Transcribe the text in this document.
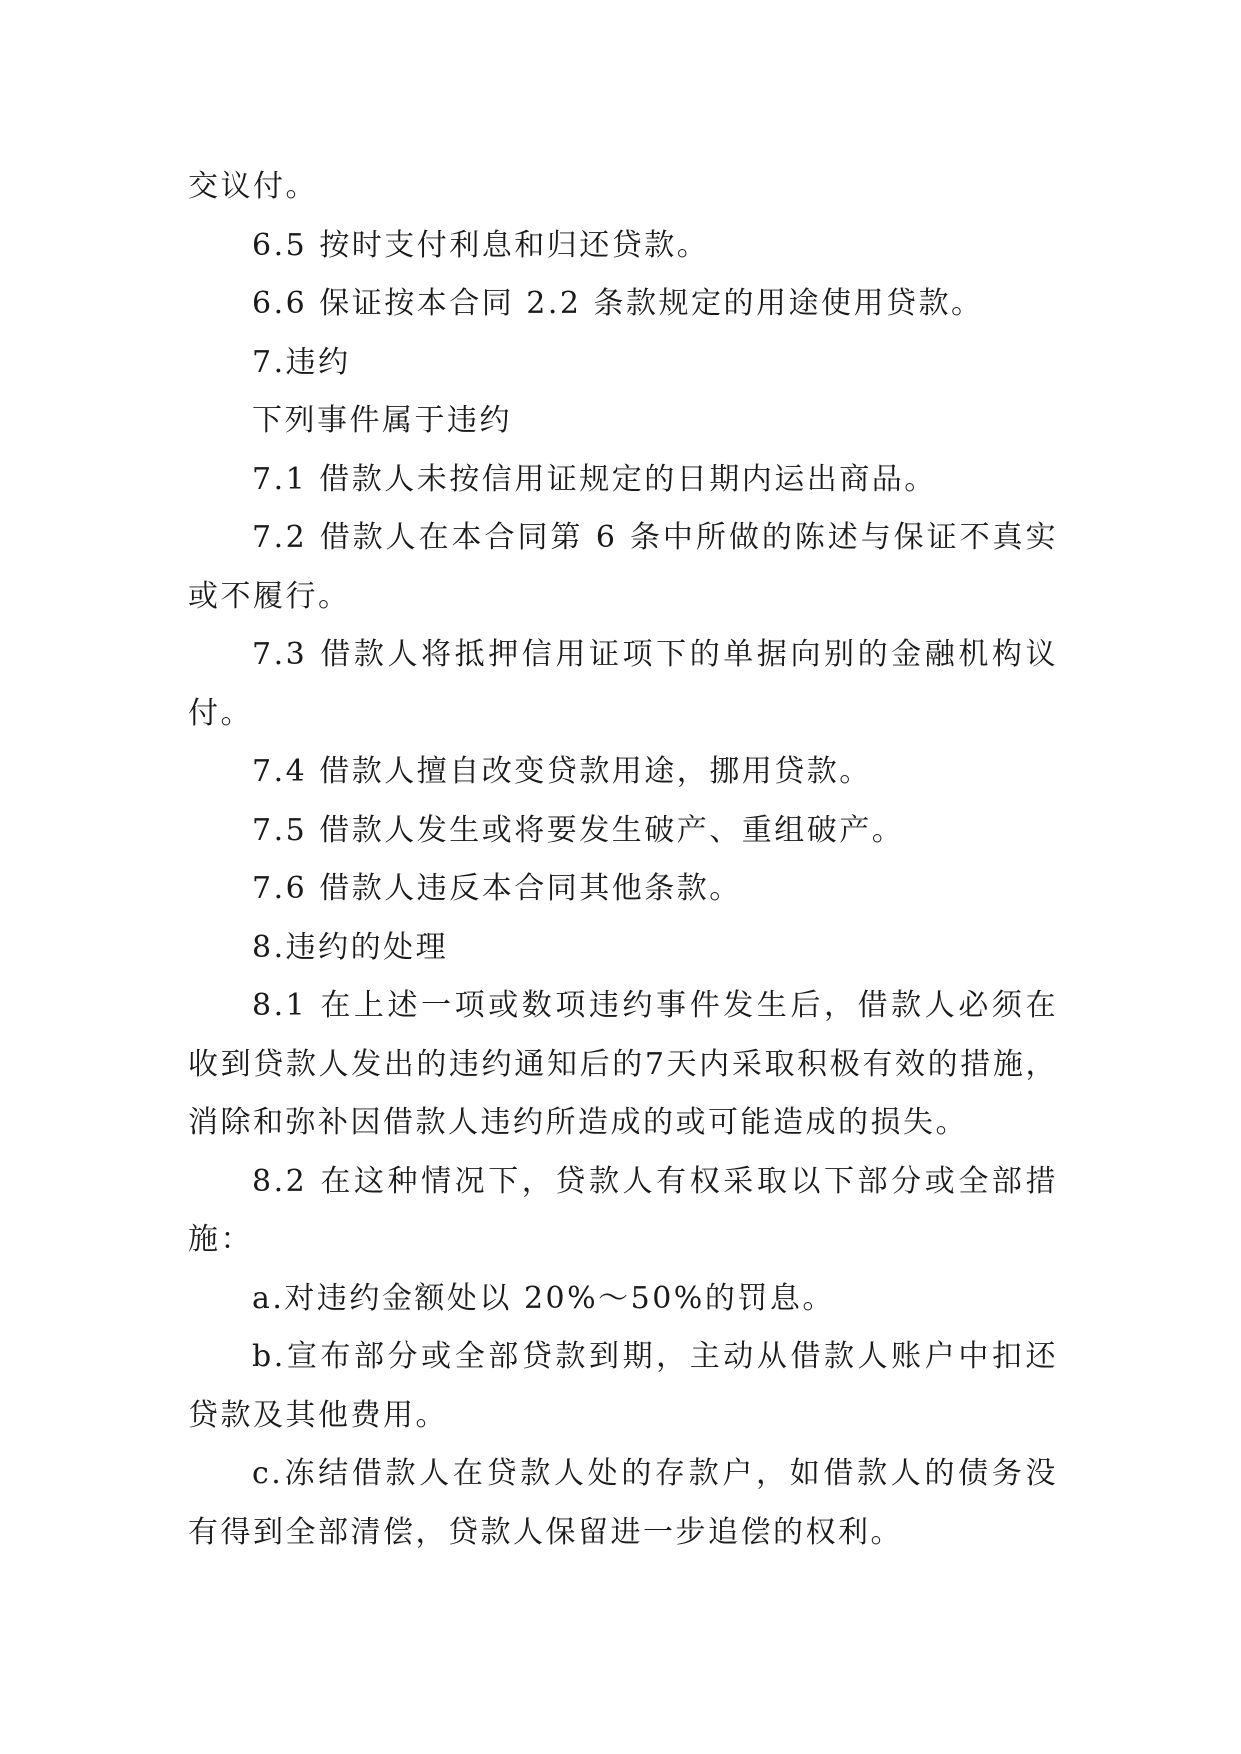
交议付。

6.5 按时支付利息和归还贷款。

6.6 保证按本合同 2.2 条款规定的用途使用贷款。

7.违约

下列事件属于违约

7.1 借款人未按信用证规定的日期内运出商品。

7.2 借款人在本合同第 6 条中所做的陈述与保证不真实或不履行。

7.3 借款人将抵押信用证项下的单据向别的金融机构议付。

7.4 借款人擅自改变贷款用途，挪用贷款。

7.5 借款人发生或将要发生破产、重组破产。

7.6 借款人违反本合同其他条款。

8.违约的处理

8.1 在上述一项或数项违约事件发生后，借款人必须在收到贷款人发出的违约通知后的7天内采取积极有效的措施，消除和弥补因借款人违约所造成的或可能造成的损失。

8.2 在这种情况下，贷款人有权采取以下部分或全部措施：

a.对违约金额处以 20%～50%的罚息。

b.宣布部分或全部贷款到期，主动从借款人账户中扣还贷款及其他费用。

c.冻结借款人在贷款人处的存款户，如借款人的债务没有得到全部清偿，贷款人保留进一步追偿的权利。
